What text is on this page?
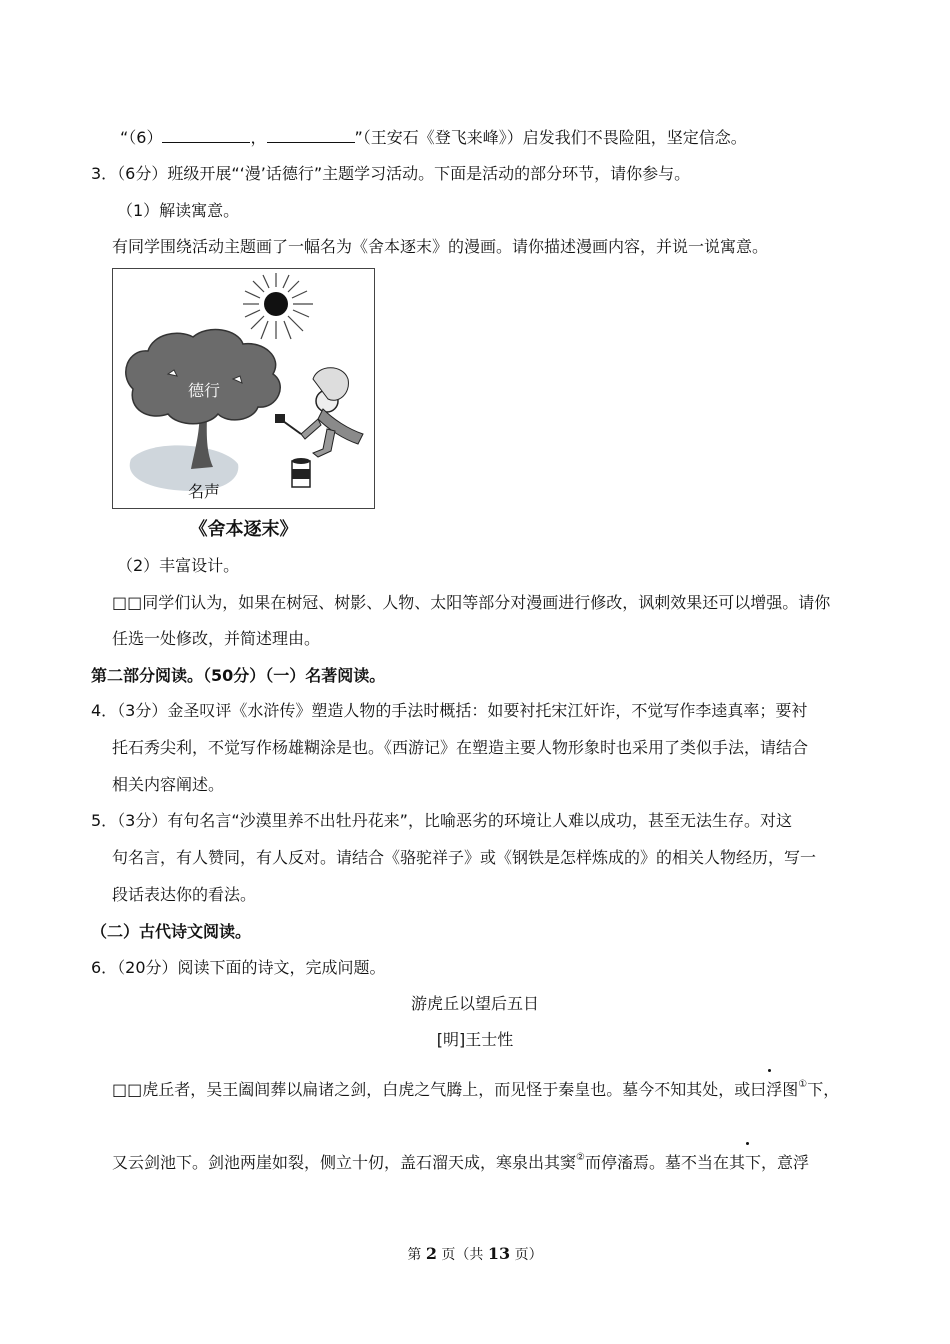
“（6）	，	”（王安石《登飞来峰》）启发我们不畏险阻，坚定信念。
3．（6分）班级开展“‘漫’话德行”主题学习活动。下面是活动的部分环节，请你参与。
（1）解读寓意。
有同学围绕活动主题画了一幅名为《舍本逐末》的漫画。请你描述漫画内容，并说一说寓意。
德行
名声
《舍本逐末》
（2）丰富设计。
□□同学们认为，如果在树冠、树影、人物、太阳等部分对漫画进行修改，讽刺效果还可以增强。请你
任选一处修改，并简述理由。
第二部分阅读。（50分）（一）名著阅读。
4．（3分）金圣叹评《水浒传》塑造人物的手法时概括：如要衬托宋江奸诈，不觉写作李逵真率；要衬
托石秀尖利，不觉写作杨雄糊涂是也。《西游记》在塑造主要人物形象时也采用了类似手法，请结合
相关内容阐述。
5．（3分）有句名言“沙漠里养不出牡丹花来”，比喻恶劣的环境让人难以成功，甚至无法生存。对这
句名言，有人赞同，有人反对。请结合《骆驼祥子》或《钢铁是怎样炼成的》的相关人物经历，写一
段话表达你的看法。
（二）古代诗文阅读。
6．（20分）阅读下面的诗文，完成问题。
游虎丘以望后五日
[明]王士性
□□虎丘者，吴王阖闾葬以扁诸之剑，白虎之气腾上，而见怪于秦皇也。墓今不知其处，或曰浮图①下，
又云剑池下。剑池两崖如裂，侧立十仞，盖石溜天成，寒泉出其窦②而停滀焉。墓不当在其下，意浮
第 2 页（共 13 页）
